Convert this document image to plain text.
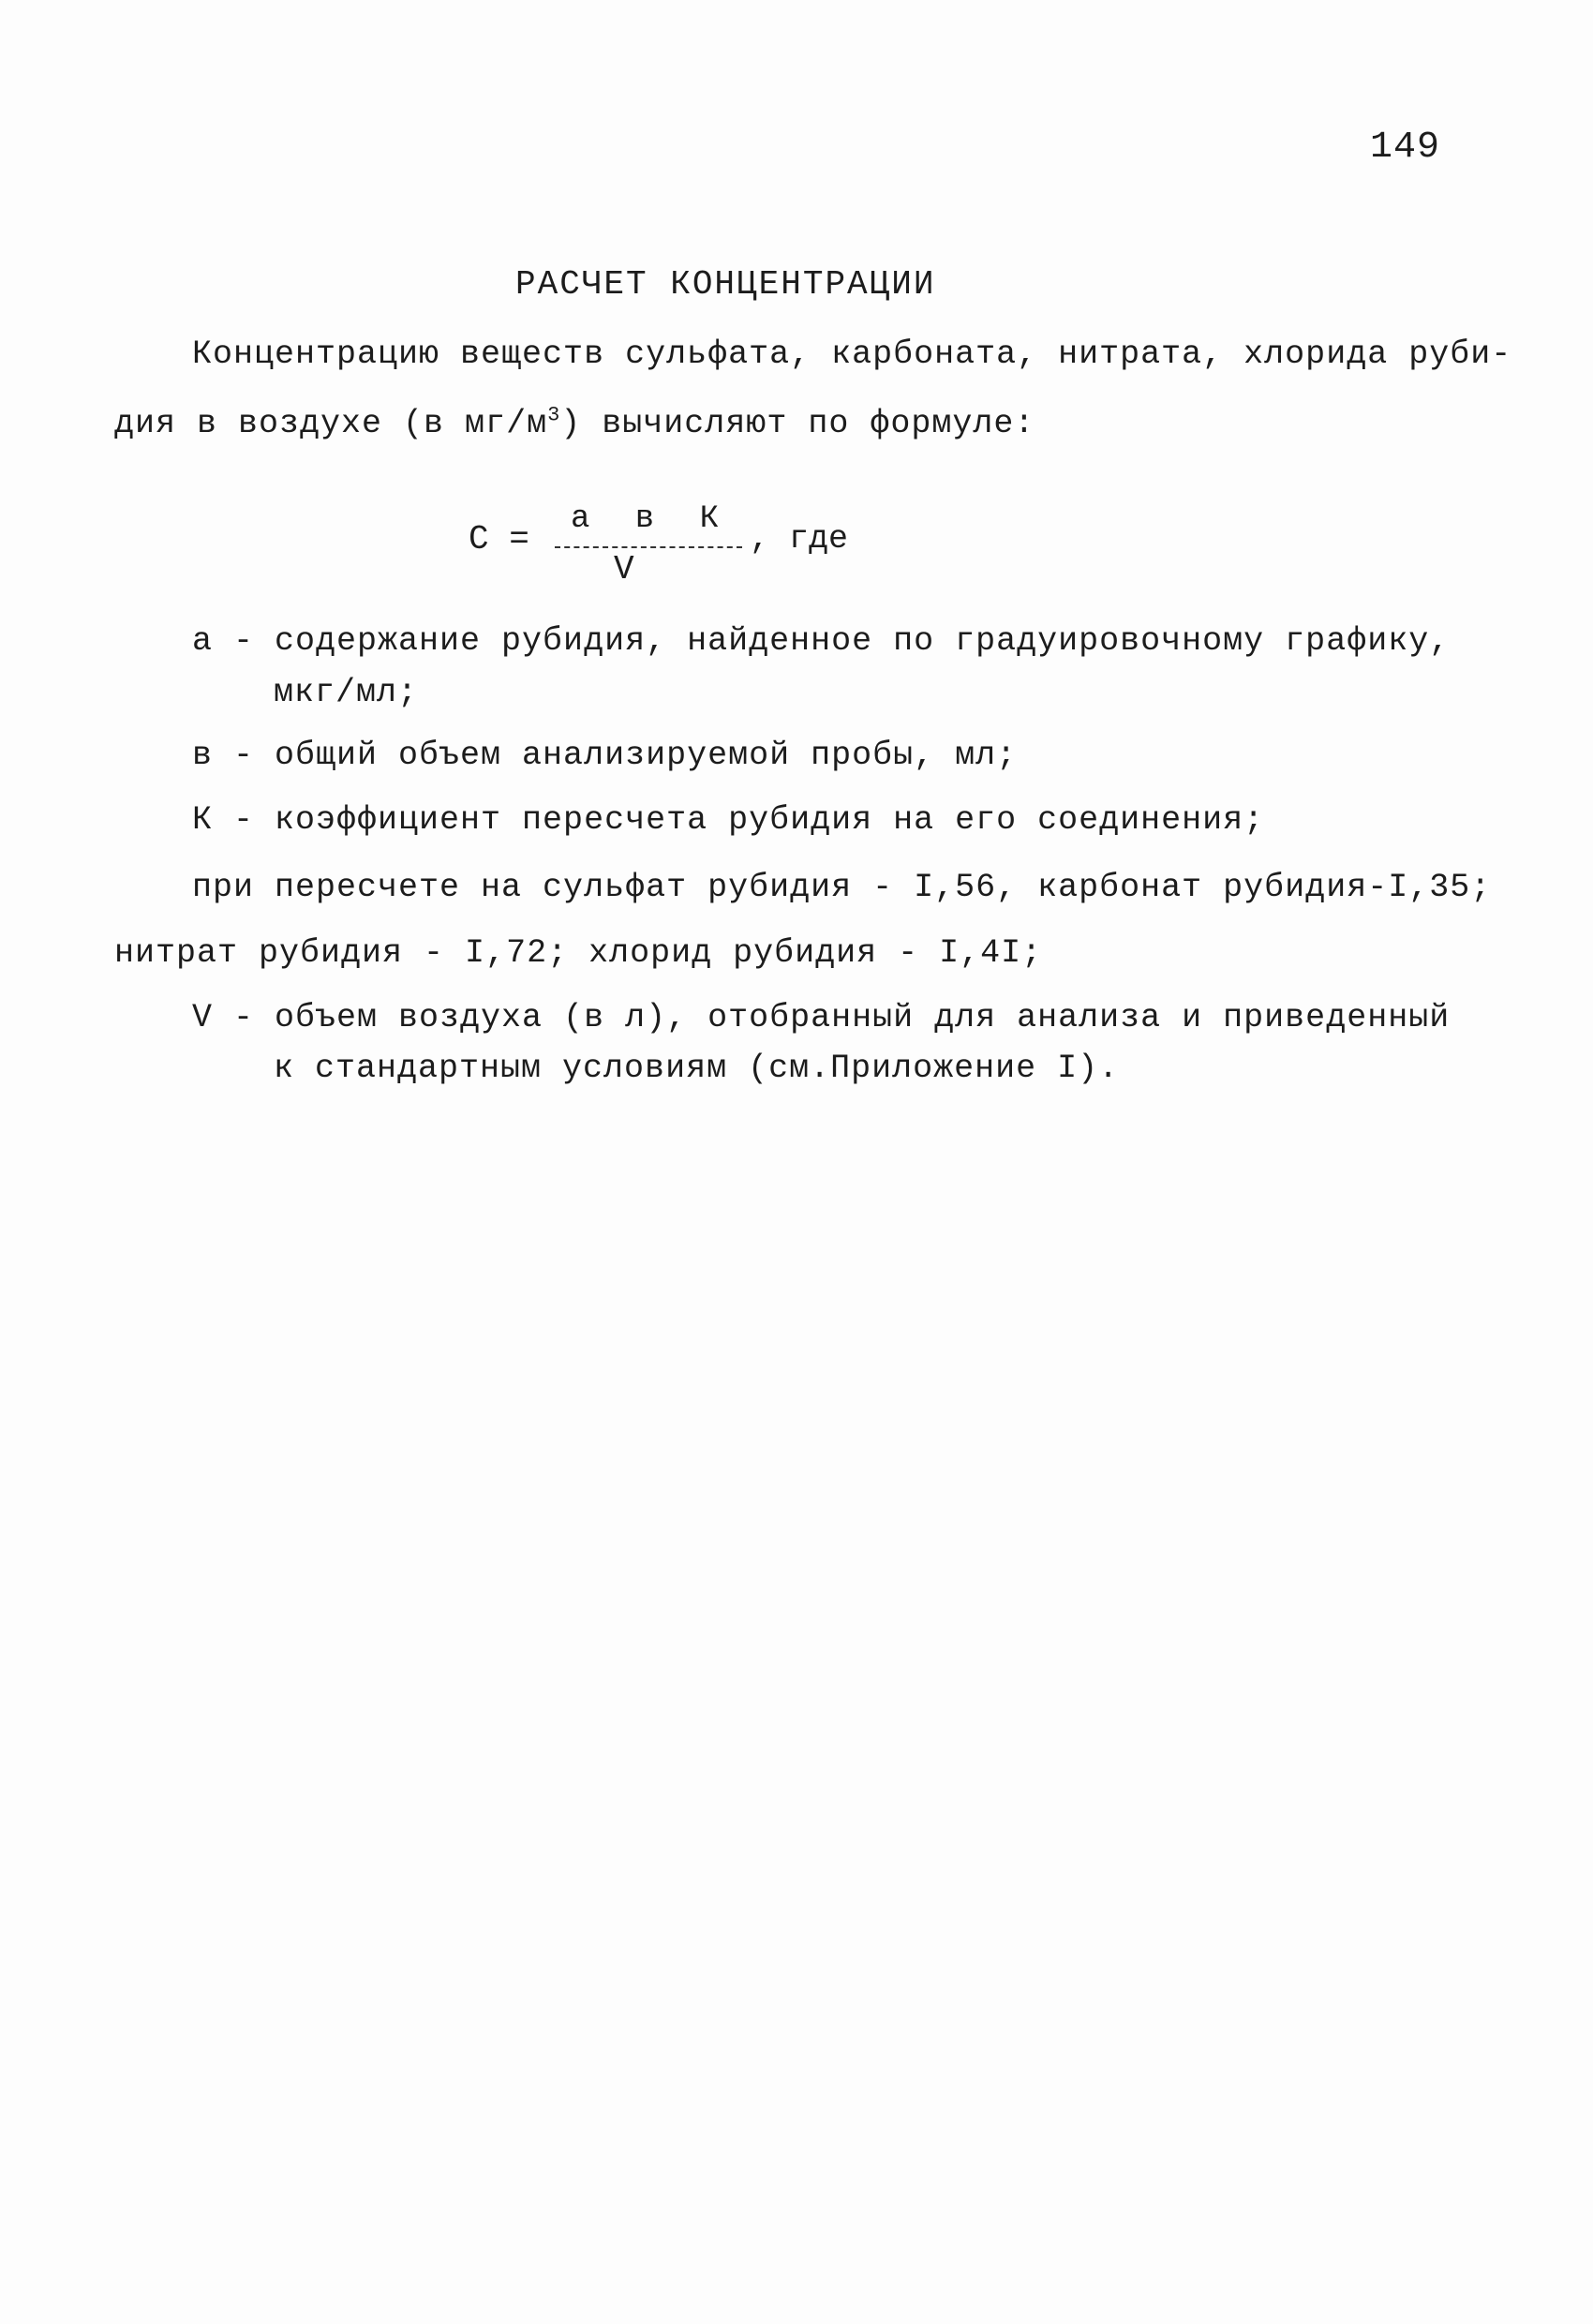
149
РАСЧЕТ КОНЦЕНТРАЦИИ
Концентрацию веществ сульфата, карбоната, нитрата, хлорида руби-
дия в воздухе (в $мг/м^3$) вычисляют по формуле:
С =
а в К
V
, где
а - содержание рубидия, найденное по градуировочному графику,
мкг/мл;
в - общий объем анализируемой пробы, мл;
К - коэффициент пересчета рубидия на его соединения;
при пересчете на сульфат рубидия - I,56, карбонат рубидия-I,35;
нитрат рубидия - I,72; хлорид рубидия - I,4I;
V - объем воздуха (в л), отобранный для анализа и приведенный
к стандартным условиям (см.Приложение I).
